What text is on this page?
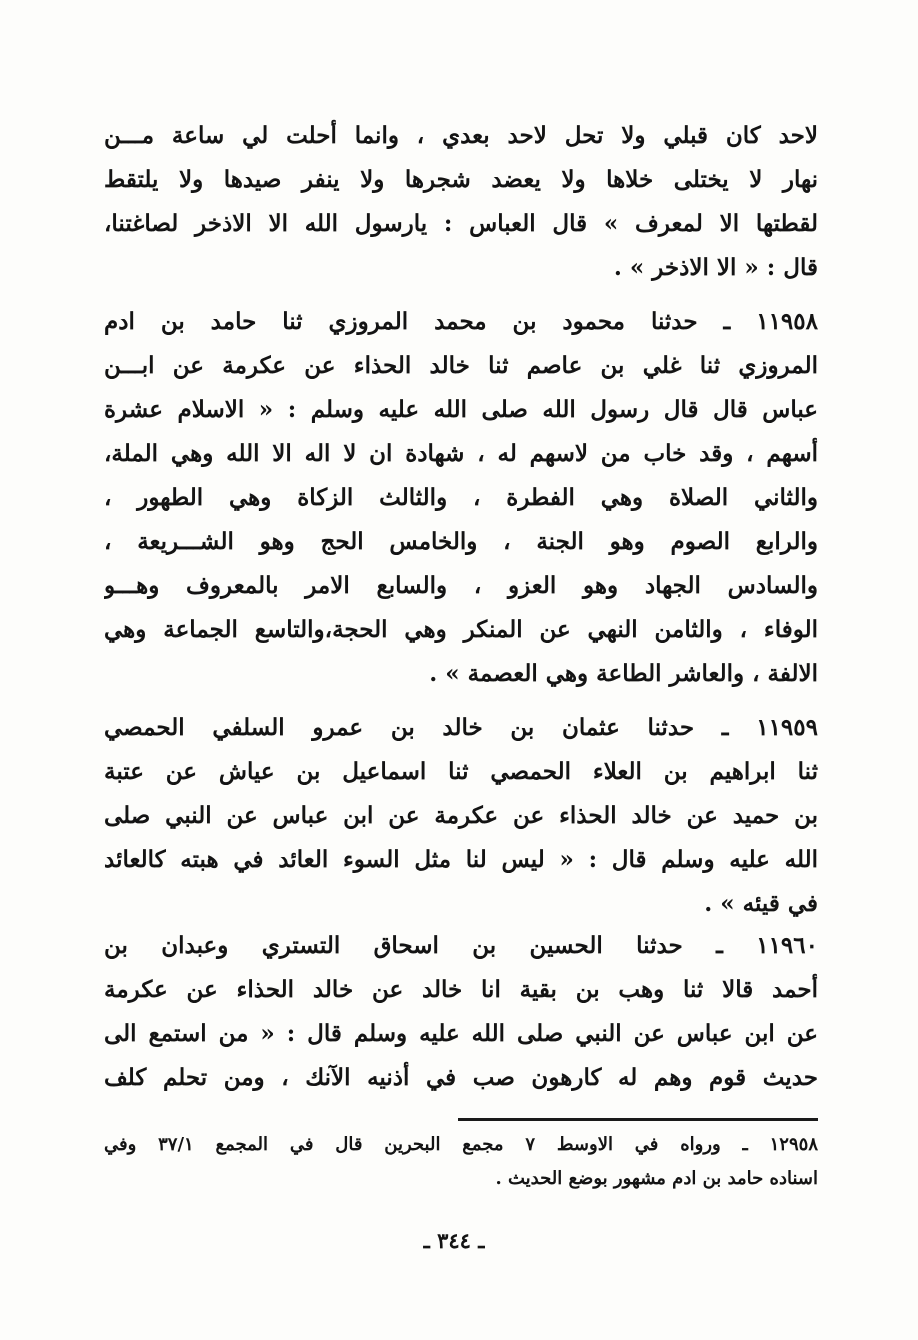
لاحد كان قبلي ولا تحل لاحد بعدي ، وانما أحلت لي ساعة مـــن
نهار لا يختلى خلاها ولا يعضد شجرها ولا ينفر صيدها ولا يلتقط
لقطتها الا لمعرف » قال العباس : يارسول الله الا الاذخر لصاغتنا،
قال : « الا الاذخر » .
١١٩٥٨ ـ حدثنا محمود بن محمد المروزي ثنا حامد بن ادم
المروزي ثنا غلي بن عاصم ثنا خالد الحذاء عن عكرمة عن ابـــن
عباس قال قال رسول الله صلى الله عليه وسلم : « الاسلام عشرة
أسهم ، وقد خاب من لاسهم له ، شهادة ان لا اله الا الله وهي الملة،
والثاني الصلاة وهي الفطرة ، والثالث الزكاة وهي الطهور ،
والرابع الصوم وهو الجنة ، والخامس الحج وهو الشـــريعة ،
والسادس الجهاد وهو العزو ، والسابع الامر بالمعروف وهـــو
الوفاء ، والثامن النهي عن المنكر وهي الحجة،والتاسع الجماعة وهي
الالفة ، والعاشر الطاعة وهي العصمة » .
١١٩٥٩ ـ حدثنا عثمان بن خالد بن عمرو السلفي الحمصي
ثنا ابراهيم بن العلاء الحمصي ثنا اسماعيل بن عياش عن عتبة
بن حميد عن خالد الحذاء عن عكرمة عن ابن عباس عن النبي صلى
الله عليه وسلم قال : « ليس لنا مثل السوء العائد في هبته كالعائد
في قيئه » .
١١٩٦٠ ـ حدثنا الحسين بن اسحاق التستري وعبدان بن
أحمد قالا ثنا وهب بن بقية انا خالد عن خالد الحذاء عن عكرمة
عن ابن عباس عن النبي صلى الله عليه وسلم قال : « من استمع الى
حديث قوم وهم له كارهون صب في أذنيه الآنك ، ومن تحلم كلف
١٢٩٥٨ ـ ورواه في الاوسط ٧ مجمع البحرين قال في المجمع ٣٧/١ وفي
اسناده حامد بن ادم مشهور بوضع الحديث .
ـ ٣٤٤ ـ
